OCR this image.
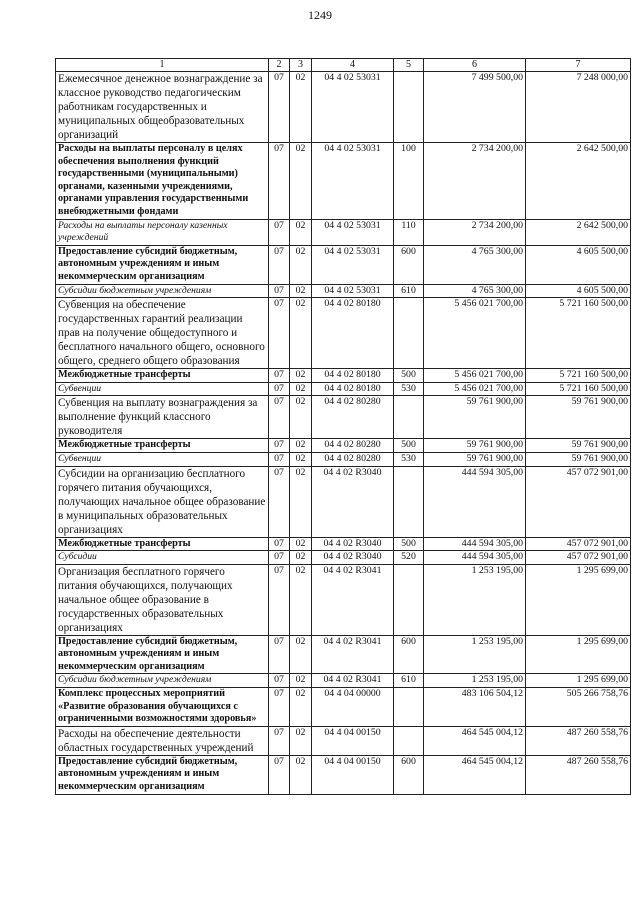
1249
1	2	3	4	5	6	7
Ежемесячное денежное вознаграждение за классное руководство педагогическим работникам государственных и муниципальных общеобразовательных организаций	07	02	04 4 02 53031		7 499 500,00	7 248 000,00
Расходы на выплаты персоналу в целях обеспечения выполнения функций государственными (муниципальными) органами, казенными учреждениями, органами управления государственными внебюджетными фондами	07	02	04 4 02 53031	100	2 734 200,00	2 642 500,00
Расходы на выплаты персоналу казенных учреждений	07	02	04 4 02 53031	110	2 734 200,00	2 642 500,00
Предоставление субсидий бюджетным, автономным учреждениям и иным некоммерческим организациям	07	02	04 4 02 53031	600	4 765 300,00	4 605 500,00
Субсидии бюджетным учреждениям	07	02	04 4 02 53031	610	4 765 300,00	4 605 500,00
Субвенция на обеспечение государственных гарантий реализации прав на получение общедоступного и бесплатного начального общего, основного общего, среднего общего образования	07	02	04 4 02 80180		5 456 021 700,00	5 721 160 500,00
Межбюджетные трансферты	07	02	04 4 02 80180	500	5 456 021 700,00	5 721 160 500,00
Субвенции	07	02	04 4 02 80180	530	5 456 021 700,00	5 721 160 500,00
Субвенция на выплату вознаграждения за выполнение функций классного руководителя	07	02	04 4 02 80280		59 761 900,00	59 761 900,00
Межбюджетные трансферты	07	02	04 4 02 80280	500	59 761 900,00	59 761 900,00
Субвенции	07	02	04 4 02 80280	530	59 761 900,00	59 761 900,00
Субсидии на организацию бесплатного горячего питания обучающихся, получающих начальное общее образование в муниципальных образовательных организациях	07	02	04 4 02 R3040		444 594 305,00	457 072 901,00
Межбюджетные трансферты	07	02	04 4 02 R3040	500	444 594 305,00	457 072 901,00
Субсидии	07	02	04 4 02 R3040	520	444 594 305,00	457 072 901,00
Организация бесплатного горячего питания обучающихся, получающих начальное общее образование в государственных образовательных организациях	07	02	04 4 02 R3041		1 253 195,00	1 295 699,00
Предоставление субсидий бюджетным, автономным учреждениям и иным некоммерческим организациям	07	02	04 4 02 R3041	600	1 253 195,00	1 295 699,00
Субсидии бюджетным учреждениям	07	02	04 4 02 R3041	610	1 253 195,00	1 295 699,00
Комплекс процессных мероприятий «Развитие образования обучающихся с ограниченными возможностями здоровья»	07	02	04 4 04 00000		483 106 504,12	505 266 758,76
Расходы на обеспечение деятельности областных государственных учреждений	07	02	04 4 04 00150		464 545 004,12	487 260 558,76
Предоставление субсидий бюджетным, автономным учреждениям и иным некоммерческим организациям	07	02	04 4 04 00150	600	464 545 004,12	487 260 558,76
